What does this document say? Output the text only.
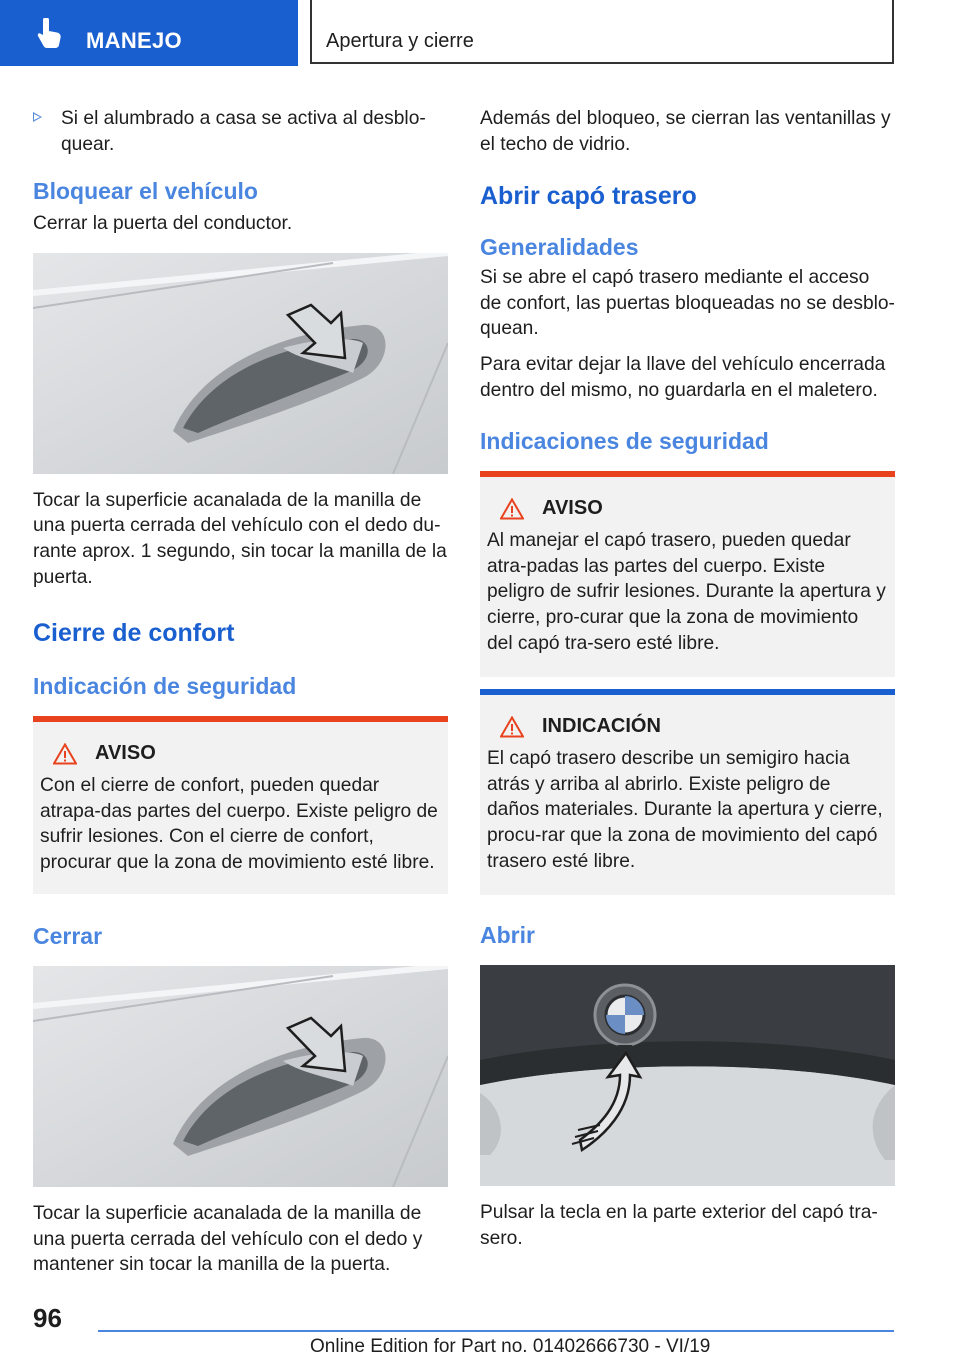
MANEJO	Apertura y cierre

Si el alumbrado a casa se activa al desblo‐quear.

Bloquear el vehículo

Cerrar la puerta del conductor.

Tocar la superficie acanalada de la manilla de una puerta cerrada del vehículo con el dedo du‐rante aprox. 1 segundo, sin tocar la manilla de la puerta.

Cierre de confort
Indicación de seguridad
AVISO

Con el cierre de confort, pueden quedar atrapa‐das partes del cuerpo. Existe peligro de sufrir lesiones. Con el cierre de confort, procurar que la zona de movimiento esté libre.

Cerrar

Tocar la superficie acanalada de la manilla de una puerta cerrada del vehículo con el dedo y mantener sin tocar la manilla de la puerta.

Además del bloqueo, se cierran las ventanillas y el techo de vidrio.

Abrir capó trasero
Generalidades

Si se abre el capó trasero mediante el acceso de confort, las puertas bloqueadas no se desblo‐quean.

Para evitar dejar la llave del vehículo encerrada dentro del mismo, no guardarla en el maletero.

Indicaciones de seguridad
AVISO

Al manejar el capó trasero, pueden quedar atra‐padas las partes del cuerpo. Existe peligro de sufrir lesiones. Durante la apertura y cierre, pro‐curar que la zona de movimiento del capó tra‐sero esté libre.

INDICACIÓN

El capó trasero describe un semigiro hacia atrás y arriba al abrirlo. Existe peligro de daños materiales. Durante la apertura y cierre, procu‐rar que la zona de movimiento del capó trasero esté libre.

Abrir

Pulsar la tecla en la parte exterior del capó tra‐sero.

96
Online Edition for Part no. 01402666730 - VI/19
